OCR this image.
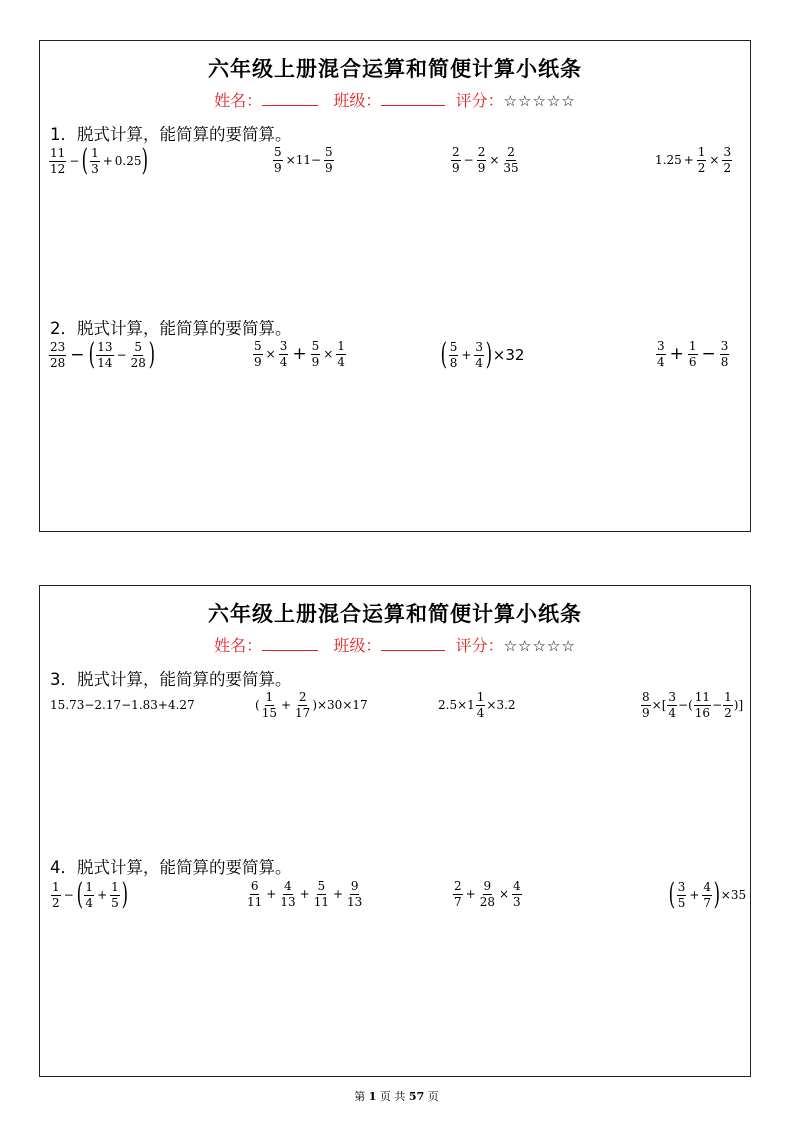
六年级上册混合运算和简便计算小纸条
姓名：	班级：	评分：☆☆☆☆☆
1．脱式计算，能简算的要简算。
$\frac{11}{12}$ − ( $\frac{1}{3} + 0.25$ )	$\frac{5}{9} \times 11- \frac{5}{9}$	$\frac{2}{9} - \frac{2}{9} \times \frac{2}{35}$	$1.25 + \frac{1}{2} \times \frac{3}{2}$
2．脱式计算，能简算的要简算。
$\frac{23}{28}$ − ( $\frac{13}{14} - \frac{5}{28}$ )	$\frac{5}{9} \times \frac{3}{4} + \frac{5}{9} \times \frac{1}{4}$	( $\frac{5}{8} + \frac{3}{4}$ ) ×32	$\frac{3}{4} + \frac{1}{6} - \frac{3}{8}$
六年级上册混合运算和简便计算小纸条
姓名：	班级：	评分：☆☆☆☆☆
3．脱式计算，能简算的要简算。
15.73−2.17−1.83+4.27	( $\frac{1}{15} + \frac{2}{17} )\times 30\times 17$	$2.5\times 1 \frac{1}{4} \times 3.2$	$\frac{8}{9}$ ×[ $\frac{3}{4}$ −( $\frac{11}{16} - \frac{1}{2}$ )]
4．脱式计算，能简算的要简算。
$\frac{1}{2}$ − ( $\frac{1}{4} + \frac{1}{5}$ )	$\frac{6}{11} + \frac{4}{13} + \frac{5}{11} + \frac{9}{13}$	$\frac{2}{7} + \frac{9}{28} \times \frac{4}{3}$	( $\frac{3}{5} + \frac{4}{7}$ ) ×35
第 1 页 共 57 页
